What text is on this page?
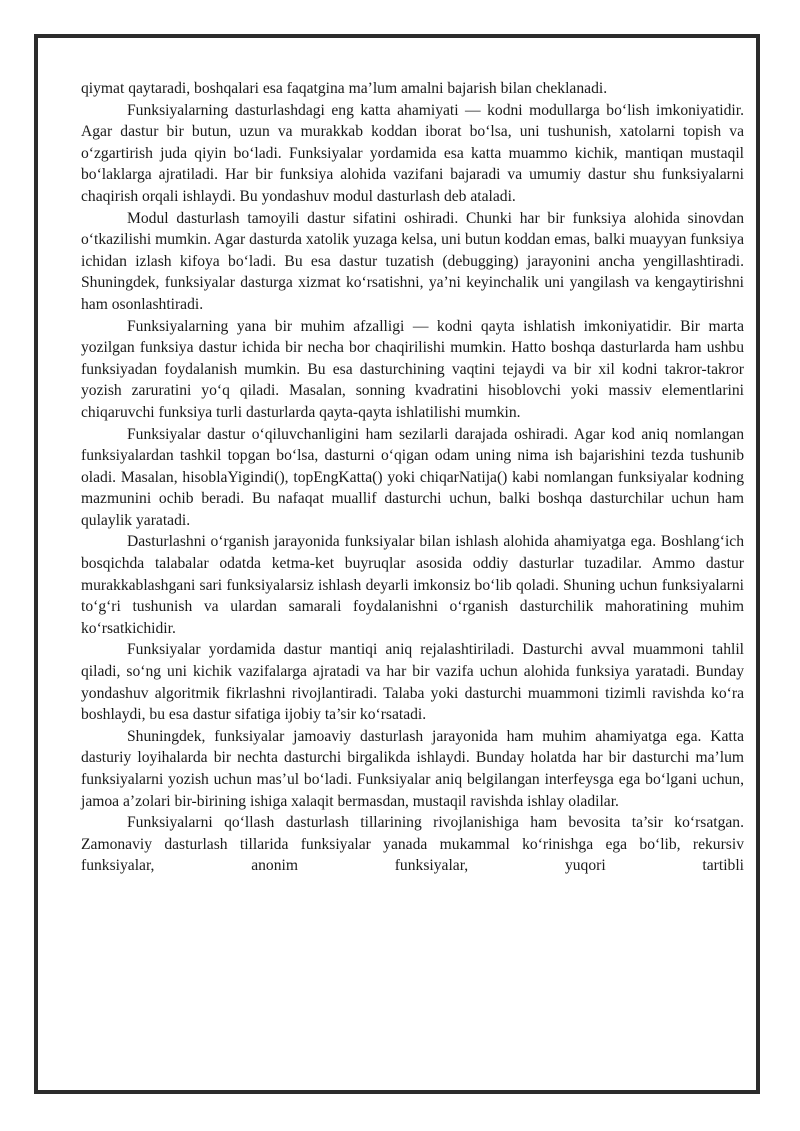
qiymat qaytaradi, boshqalari esa faqatgina ma’lum amalni bajarish bilan cheklanadi.

Funksiyalarning dasturlashdagi eng katta ahamiyati — kodni modullarga bo‘lish imkoniyatidir. Agar dastur bir butun, uzun va murakkab koddan iborat bo‘lsa, uni tushunish, xatolarni topish va o‘zgartirish juda qiyin bo‘ladi. Funksiyalar yordamida esa katta muammo kichik, mantiqan mustaqil bo‘laklarga ajratiladi. Har bir funksiya alohida vazifani bajaradi va umumiy dastur shu funksiyalarni chaqirish orqali ishlaydi. Bu yondashuv modul dasturlash deb ataladi.

Modul dasturlash tamoyili dastur sifatini oshiradi. Chunki har bir funksiya alohida sinovdan o‘tkazilishi mumkin. Agar dasturda xatolik yuzaga kelsa, uni butun koddan emas, balki muayyan funksiya ichidan izlash kifoya bo‘ladi. Bu esa dastur tuzatish (debugging) jarayonini ancha yengillashtiradi. Shuningdek, funksiyalar dasturga xizmat ko‘rsatishni, ya’ni keyinchalik uni yangilash va kengaytirishni ham osonlashtiradi.

Funksiyalarning yana bir muhim afzalligi — kodni qayta ishlatish imkoniyatidir. Bir marta yozilgan funksiya dastur ichida bir necha bor chaqirilishi mumkin. Hatto boshqa dasturlarda ham ushbu funksiyadan foydalanish mumkin. Bu esa dasturchining vaqtini tejaydi va bir xil kodni takror-takror yozish zaruratini yo‘q qiladi. Masalan, sonning kvadratini hisoblovchi yoki massiv elementlarini chiqaruvchi funksiya turli dasturlarda qayta-qayta ishlatilishi mumkin.

Funksiyalar dastur o‘qiluvchanligini ham sezilarli darajada oshiradi. Agar kod aniq nomlangan funksiyalardan tashkil topgan bo‘lsa, dasturni o‘qigan odam uning nima ish bajarishini tezda tushunib oladi. Masalan, hisoblaYigindi(), topEngKatta() yoki chiqarNatija() kabi nomlangan funksiyalar kodning mazmunini ochib beradi. Bu nafaqat muallif dasturchi uchun, balki boshqa dasturchilar uchun ham qulaylik yaratadi.

Dasturlashni o‘rganish jarayonida funksiyalar bilan ishlash alohida ahamiyatga ega. Boshlang‘ich bosqichda talabalar odatda ketma-ket buyruqlar asosida oddiy dasturlar tuzadilar. Ammo dastur murakkablashgani sari funksiyalarsiz ishlash deyarli imkonsiz bo‘lib qoladi. Shuning uchun funksiyalarni to‘g‘ri tushunish va ulardan samarali foydalanishni o‘rganish dasturchilik mahoratining muhim ko‘rsatkichidir.

Funksiyalar yordamida dastur mantiqi aniq rejalashtiriladi. Dasturchi avval muammoni tahlil qiladi, so‘ng uni kichik vazifalarga ajratadi va har bir vazifa uchun alohida funksiya yaratadi. Bunday yondashuv algoritmik fikrlashni rivojlantiradi. Talaba yoki dasturchi muammoni tizimli ravishda ko‘ra boshlaydi, bu esa dastur sifatiga ijobiy ta’sir ko‘rsatadi.

Shuningdek, funksiyalar jamoaviy dasturlash jarayonida ham muhim ahamiyatga ega. Katta dasturiy loyihalarda bir nechta dasturchi birgalikda ishlaydi. Bunday holatda har bir dasturchi ma’lum funksiyalarni yozish uchun mas’ul bo‘ladi. Funksiyalar aniq belgilangan interfeysga ega bo‘lgani uchun, jamoa a’zolari bir-birining ishiga xalaqit bermasdan, mustaqil ravishda ishlay oladilar.

Funksiyalarni qo‘llash dasturlash tillarining rivojlanishiga ham bevosita ta’sir ko‘rsatgan. Zamonaviy dasturlash tillarida funksiyalar yanada mukammal ko‘rinishga ega bo‘lib, rekursiv funksiyalar, anonim funksiyalar, yuqori tartibli
